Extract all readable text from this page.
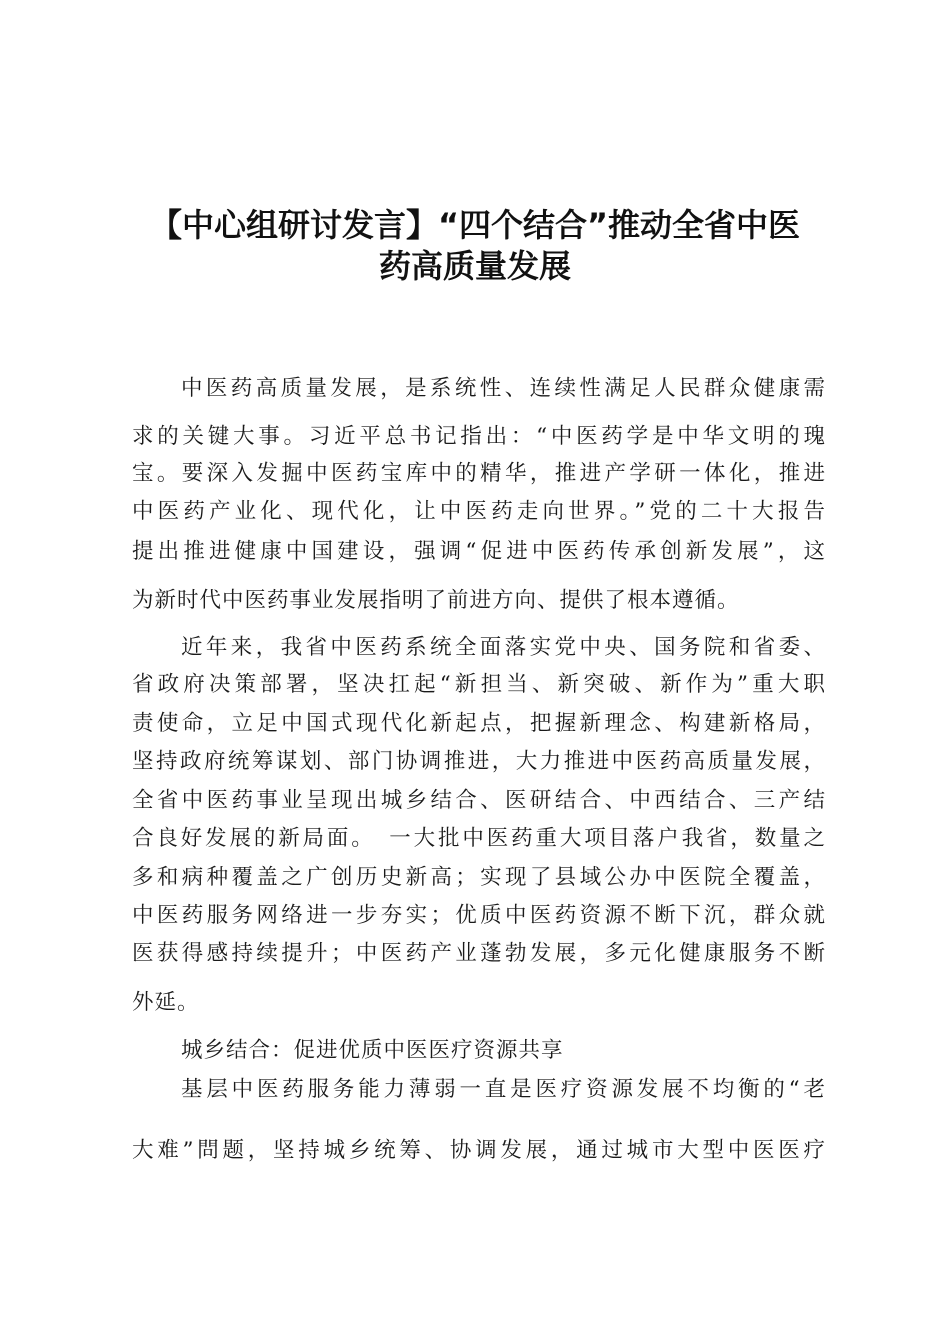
【中心组研讨发言】“四个结合”推动全省中医
药高质量发展
中医药高质量发展，是系统性、连续性满足人民群众健康需
求的关键大事。习近平总书记指出：“中医药学是中华文明的瑰
宝。要深入发掘中医药宝库中的精华，推进产学研一体化，推进
中医药产业化、现代化，让中医药走向世界。”党的二十大报告
提出推进健康中国建设，强调“促进中医药传承创新发展”，这
为新时代中医药事业发展指明了前进方向、提供了根本遵循。
近年来，我省中医药系统全面落实党中央、国务院和省委、
省政府决策部署，坚决扛起“新担当、新突破、新作为”重大职
责使命，立足中国式现代化新起点，把握新理念、构建新格局，
坚持政府统筹谋划、部门协调推进，大力推进中医药高质量发展，
全省中医药事业呈现出城乡结合、医研结合、中西结合、三产结
合良好发展的新局面。　一大批中医药重大项目落户我省，数量之
多和病种覆盖之广创历史新高；实现了县域公办中医院全覆盖，
中医药服务网络进一步夯实；优质中医药资源不断下沉，群众就
医获得感持续提升；中医药产业蓬勃发展，多元化健康服务不断
外延。
城乡结合：促进优质中医医疗资源共享
基层中医药服务能力薄弱一直是医疗资源发展不均衡的“老
大难”問题，坚持城乡统筹、协调发展，通过城市大型中医医疗
